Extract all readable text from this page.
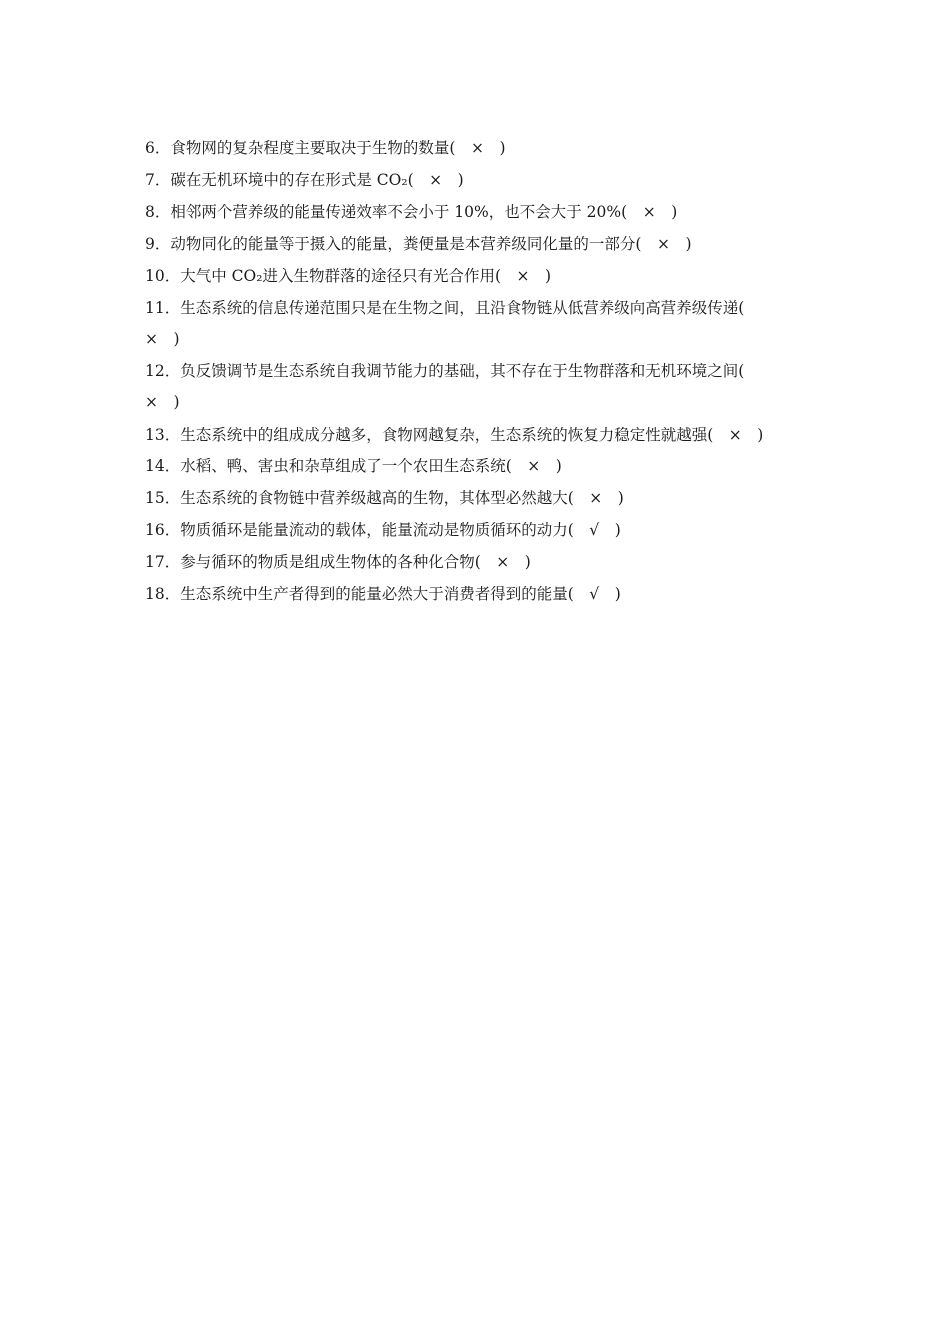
6．食物网的复杂程度主要取决于生物的数量(　×　)
7．碳在无机环境中的存在形式是 CO₂(　×　)
8．相邻两个营养级的能量传递效率不会小于 10%，也不会大于 20%(　×　)
9．动物同化的能量等于摄入的能量，粪便量是本营养级同化量的一部分(　×　)
10．大气中 CO₂进入生物群落的途径只有光合作用(　×　)
11．生态系统的信息传递范围只是在生物之间，且沿食物链从低营养级向高营养级传递(
×　)
12．负反馈调节是生态系统自我调节能力的基础，其不存在于生物群落和无机环境之间(
×　)
13．生态系统中的组成成分越多，食物网越复杂，生态系统的恢复力稳定性就越强(　×　)
14．水稻、鸭、害虫和杂草组成了一个农田生态系统(　×　)
15．生态系统的食物链中营养级越高的生物，其体型必然越大(　×　)
16．物质循环是能量流动的载体，能量流动是物质循环的动力(　√　)
17．参与循环的物质是组成生物体的各种化合物(　×　)
18．生态系统中生产者得到的能量必然大于消费者得到的能量(　√　)
